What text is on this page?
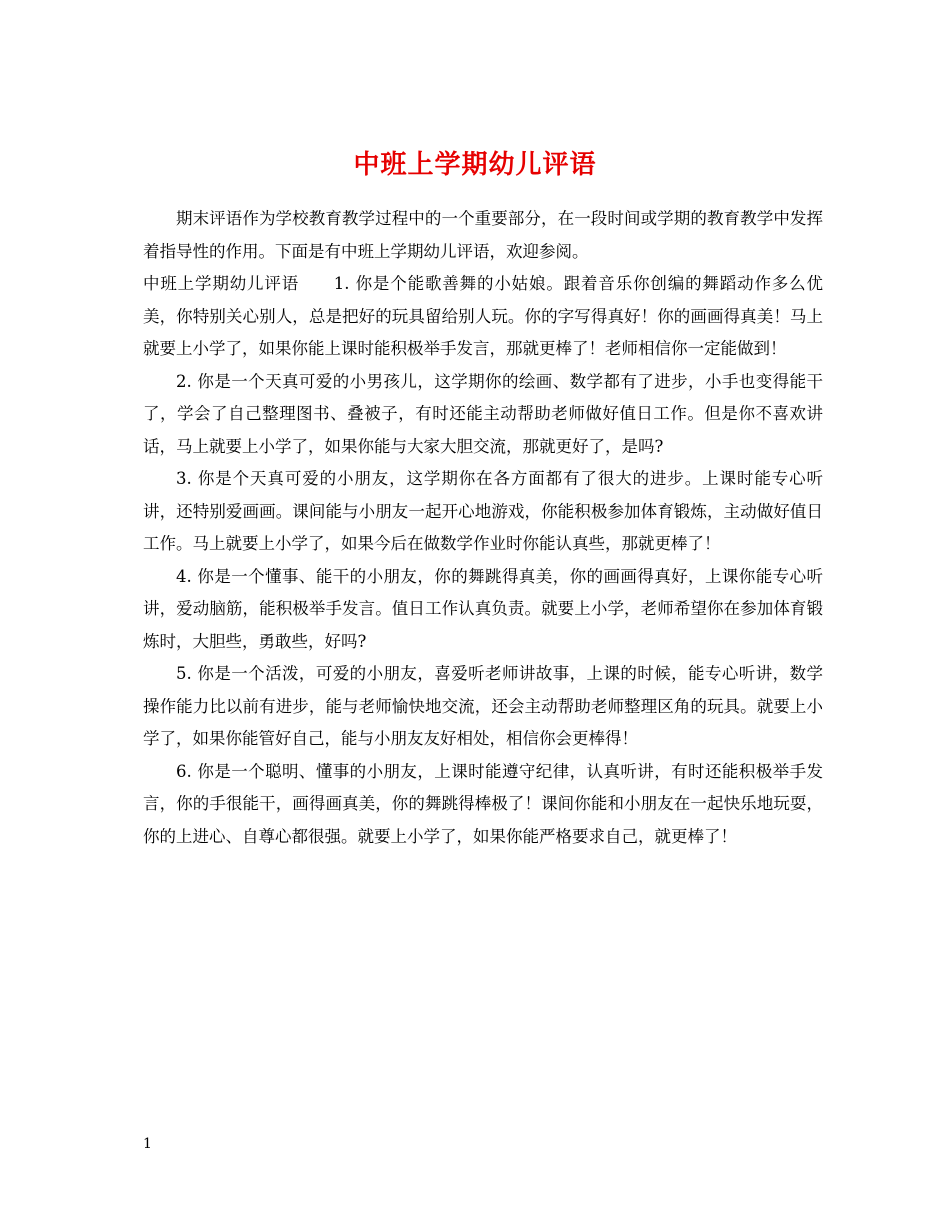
中班上学期幼儿评语

期末评语作为学校教育教学过程中的一个重要部分，在一段时间或学期的教育教学中发挥着指导性的作用。下面是有中班上学期幼儿评语，欢迎参阅。

中班上学期幼儿评语　　1. 你是个能歌善舞的小姑娘。跟着音乐你创编的舞蹈动作多么优美，你特别关心别人，总是把好的玩具留给别人玩。你的字写得真好！你的画画得真美！马上就要上小学了，如果你能上课时能积极举手发言，那就更棒了！老师相信你一定能做到！

2. 你是一个天真可爱的小男孩儿，这学期你的绘画、数学都有了进步，小手也变得能干了，学会了自己整理图书、叠被子，有时还能主动帮助老师做好值日工作。但是你不喜欢讲话，马上就要上小学了，如果你能与大家大胆交流，那就更好了，是吗?

3. 你是个天真可爱的小朋友，这学期你在各方面都有了很大的进步。上课时能专心听讲，还特别爱画画。课间能与小朋友一起开心地游戏，你能积极参加体育锻炼，主动做好值日工作。马上就要上小学了，如果今后在做数学作业时你能认真些，那就更棒了！

4. 你是一个懂事、能干的小朋友，你的舞跳得真美，你的画画得真好，上课你能专心听讲，爱动脑筋，能积极举手发言。值日工作认真负责。就要上小学，老师希望你在参加体育锻炼时，大胆些，勇敢些，好吗?

5. 你是一个活泼，可爱的小朋友，喜爱听老师讲故事，上课的时候，能专心听讲，数学操作能力比以前有进步，能与老师愉快地交流，还会主动帮助老师整理区角的玩具。就要上小学了，如果你能管好自己，能与小朋友友好相处，相信你会更棒得！

6. 你是一个聪明、懂事的小朋友，上课时能遵守纪律，认真听讲，有时还能积极举手发言，你的手很能干，画得画真美，你的舞跳得棒极了！课间你能和小朋友在一起快乐地玩耍，你的上进心、自尊心都很强。就要上小学了，如果你能严格要求自己，就更棒了！

1
